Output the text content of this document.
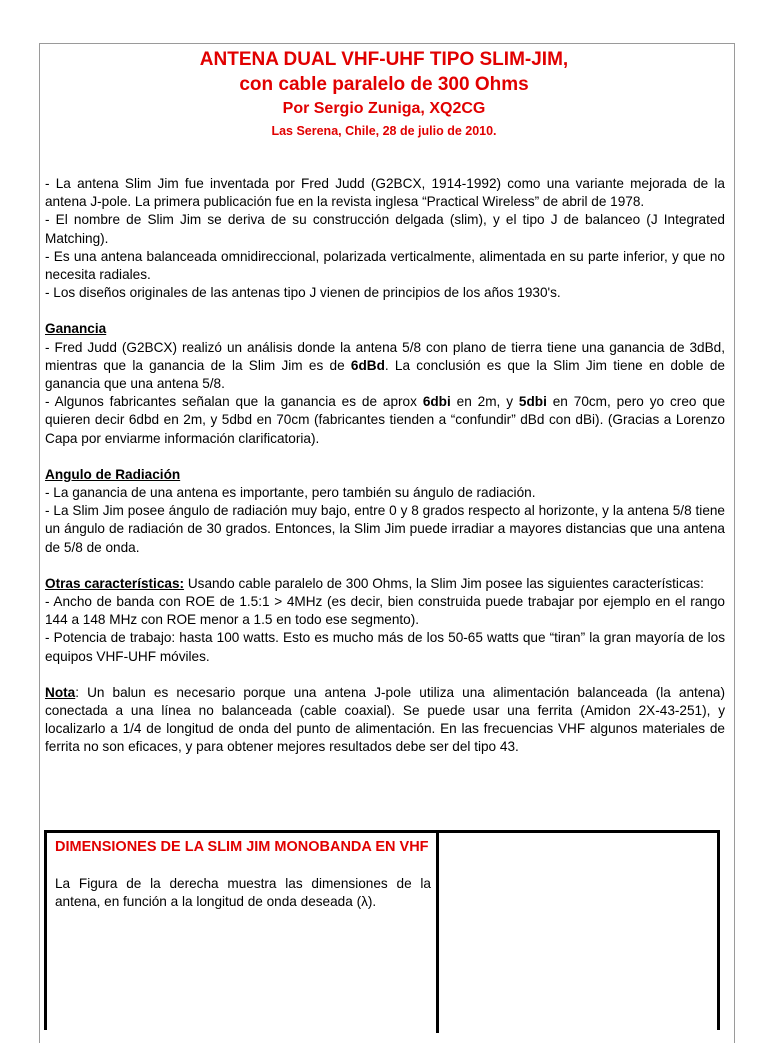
ANTENA DUAL VHF-UHF TIPO SLIM-JIM,
con cable paralelo de 300 Ohms
Por Sergio Zuniga, XQ2CG
Las Serena, Chile, 28 de julio de 2010.

- La antena Slim Jim fue inventada por Fred Judd (G2BCX, 1914-1992) como una variante mejorada de la antena J-pole. La primera publicación fue en la revista inglesa “Practical Wireless” de abril de 1978.

- El nombre de Slim Jim se deriva de su construcción delgada (slim), y el tipo J de balanceo (J Integrated Matching).

- Es una antena balanceada omnidireccional, polarizada verticalmente, alimentada en su parte inferior, y que no necesita radiales.

- Los diseños originales de las antenas tipo J vienen de principios de los años 1930's.

Ganancia

- Fred Judd (G2BCX) realizó un análisis donde la antena 5/8 con plano de tierra tiene una ganancia de 3dBd, mientras que la ganancia de la Slim Jim es de 6dBd. La conclusión es que la Slim Jim tiene en doble de ganancia que una antena 5/8.

- Algunos fabricantes señalan que la ganancia es de aprox 6dbi en 2m, y 5dbi en 70cm, pero yo creo que quieren decir 6dbd en 2m, y 5dbd en 70cm (fabricantes tienden a “confundir” dBd con dBi). (Gracias a Lorenzo Capa por enviarme información clarificatoria).

Angulo de Radiación

- La ganancia de una antena es importante, pero también su ángulo de radiación.

- La Slim Jim posee ángulo de radiación muy bajo, entre 0 y 8 grados respecto al horizonte, y la antena 5/8 tiene un ángulo de radiación de 30 grados. Entonces, la Slim Jim puede irradiar a mayores distancias que una antena de 5/8 de onda.

Otras características: Usando cable paralelo de 300 Ohms, la Slim Jim posee las siguientes características:

- Ancho de banda con ROE de 1.5:1 > 4MHz (es decir, bien construida puede trabajar por ejemplo en el rango 144 a 148 MHz con ROE menor a 1.5 en todo ese segmento).

- Potencia de trabajo: hasta 100 watts. Esto es mucho más de los 50-65 watts que “tiran” la gran mayoría de los equipos VHF-UHF móviles.

Nota: Un balun es necesario porque una antena J-pole utiliza una alimentación balanceada (la antena) conectada a una línea no balanceada (cable coaxial). Se puede usar una ferrita (Amidon 2X-43-251), y localizarlo a 1/4 de longitud de onda del punto de alimentación. En las frecuencias VHF algunos materiales de ferrita no son eficaces, y para obtener mejores resultados debe ser del tipo 43.

DIMENSIONES DE LA SLIM JIM MONOBANDA EN VHF
La Figura de la derecha muestra las dimensiones de la antena, en función a la longitud de onda deseada (λ).
